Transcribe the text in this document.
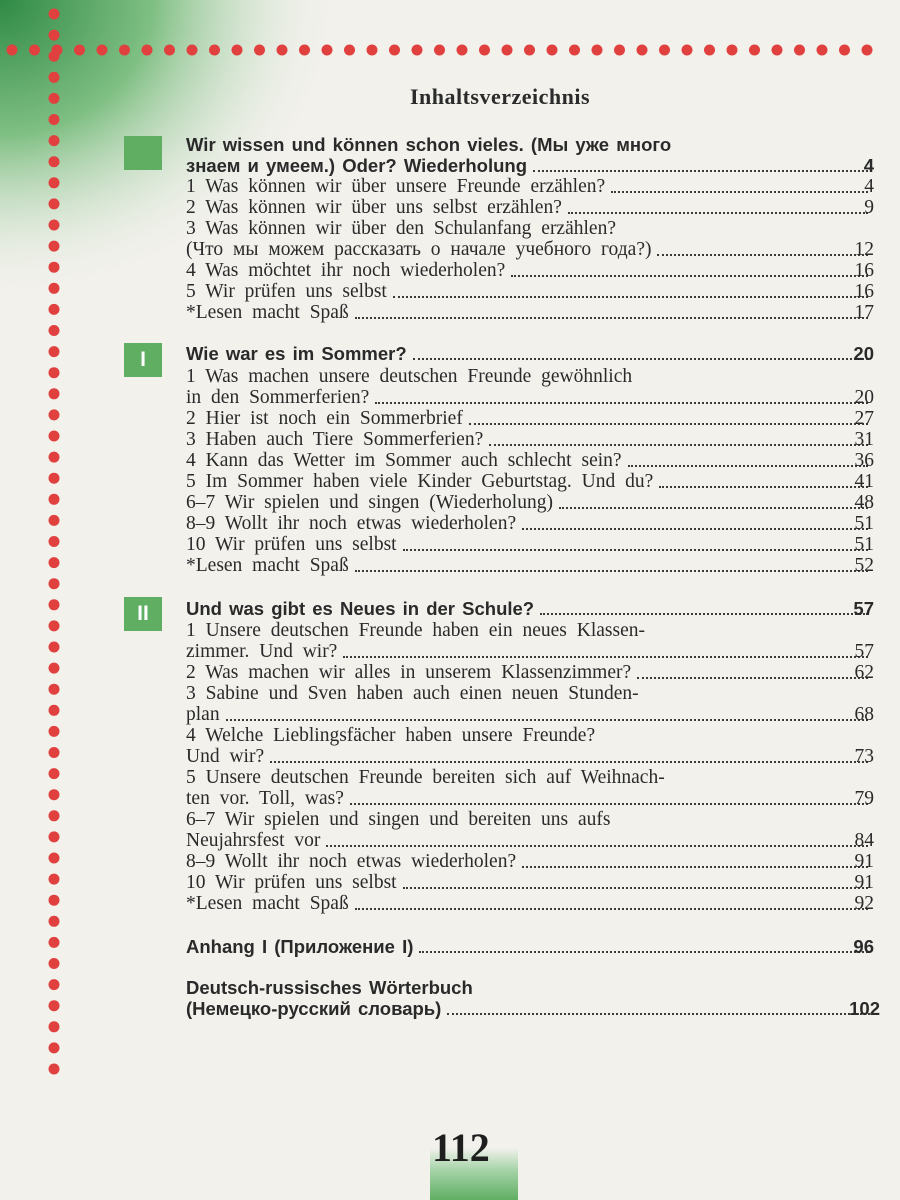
Inhaltsverzeichnis
Wir wissen und können schon vieles. (Мы уже много
знаем и умеем.) Oder? Wiederholung	4
1 Was können wir über unsere Freunde erzählen?	4
2 Was können wir über uns selbst erzählen?	9
3 Was können wir über den Schulanfang erzählen?
(Что мы можем рассказать о начале учебного года?)	12
4 Was möchtet ihr noch wiederholen?	16
5 Wir prüfen uns selbst	16
*Lesen macht Spaß	17
I	Wie war es im Sommer?	20
1 Was machen unsere deutschen Freunde gewöhnlich
in den Sommerferien?	20
2 Hier ist noch ein Sommerbrief	27
3 Haben auch Tiere Sommerferien?	31
4 Kann das Wetter im Sommer auch schlecht sein?	36
5 Im Sommer haben viele Kinder Geburtstag. Und du?	41
6–7 Wir spielen und singen (Wiederholung)	48
8–9 Wollt ihr noch etwas wiederholen?	51
10 Wir prüfen uns selbst	51
*Lesen macht Spaß	52
II	Und was gibt es Neues in der Schule?	57
1 Unsere deutschen Freunde haben ein neues Klassen-
zimmer. Und wir?	57
2 Was machen wir alles in unserem Klassenzimmer?	62
3 Sabine und Sven haben auch einen neuen Stunden-
plan	68
4 Welche Lieblingsfächer haben unsere Freunde?
Und wir?	73
5 Unsere deutschen Freunde bereiten sich auf Weihnach-
ten vor. Toll, was?	79
6–7 Wir spielen und singen und bereiten uns aufs
Neujahrsfest vor	84
8–9 Wollt ihr noch etwas wiederholen?	91
10 Wir prüfen uns selbst	91
*Lesen macht Spaß	92
Anhang I (Приложение I)	96
Deutsch-russisches Wörterbuch
(Немецко-русский словарь)	102
112
